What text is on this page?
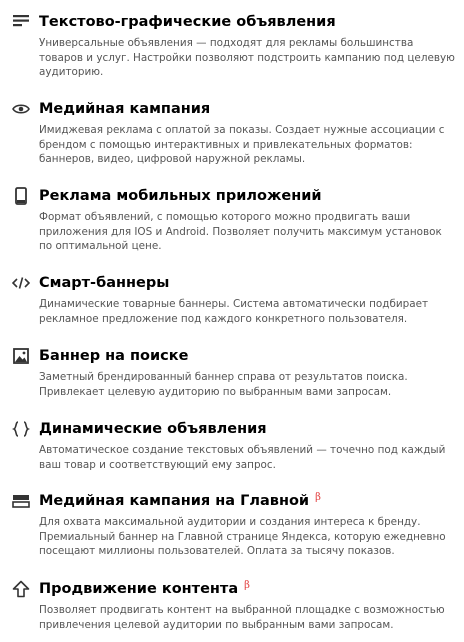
Текстово-графические объявления

Универсальные объявления — подходят для рекламы большинства товаров и услуг. Настройки позволяют подстроить кампанию под целевую аудиторию.

Медийная кампания

Имиджевая реклама с оплатой за показы. Создает нужные ассоциации с брендом с помощью интерактивных и привлекательных форматов: баннеров, видео, цифровой наружной рекламы.

Реклама мобильных приложений

Формат объявлений, с помощью которого можно продвигать ваши приложения для IOS и Android. Позволяет получить максимум установок по оптимальной цене.

Смарт-баннеры

Динамические товарные баннеры. Система автоматически подбирает рекламное предложение под каждого конкретного пользователя.

Баннер на поиске

Заметный брендированный баннер справа от результатов поиска. Привлекает целевую аудиторию по выбранным вами запросам.

Динамические объявления

Автоматическое создание текстовых объявлений — точечно под каждый ваш товар и соответствующий ему запрос.

Медийная кампания на Главной $^\beta$

Для охвата максимальной аудитории и создания интереса к бренду. Премиальный баннер на Главной странице Яндекса, которую ежедневно посещают миллионы пользователей. Оплата за тысячу показов.

Продвижение контента $^\beta$

Позволяет продвигать контент на выбранной площадке с возможностью привлечения целевой аудитории по выбранным вами запросам.
